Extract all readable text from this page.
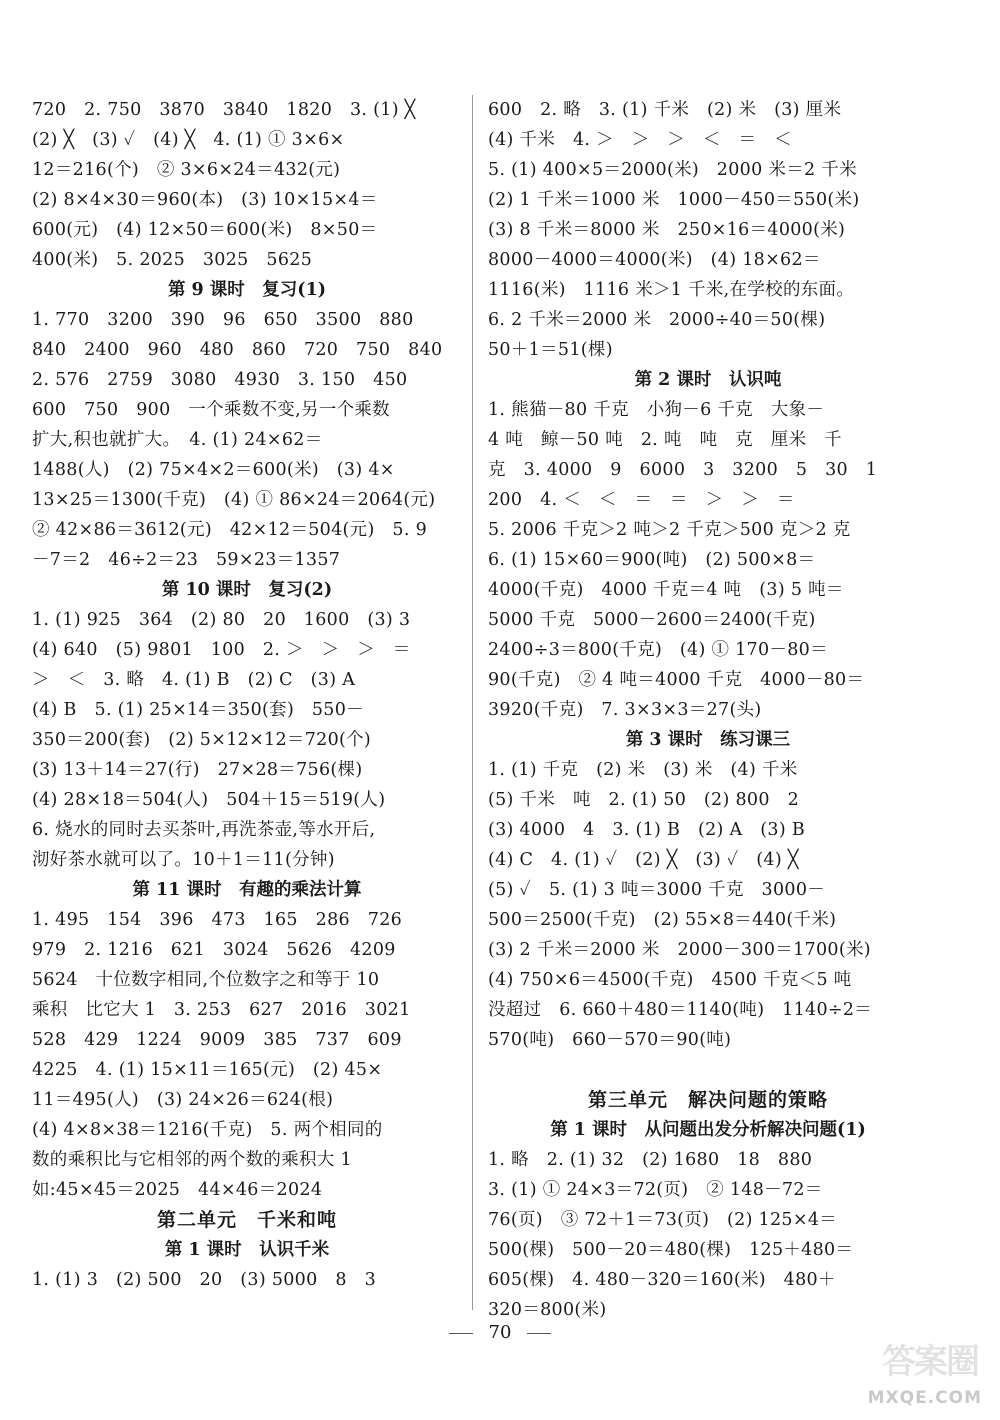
720　2. 750　3870　3840　1820　3. (1) ╳
(2) ╳　(3) ✓　(4) ╳　4. (1) ① 3×6×
12＝216(个)　② 3×6×24＝432(元)
(2) 8×4×30＝960(本)　(3) 10×15×4＝
600(元)　(4) 12×50＝600(米)　8×50＝
400(米)　5. 2025　3025　5625
第 9 课时　复习(1)
1. 770　3200　390　96　650　3500　880
840　2400　960　480　860　720　750　840
2. 576　2759　3080　4930　3. 150　450
600　750　900　一个乘数不变,另一个乘数
扩大,积也就扩大。　4. (1) 24×62＝
1488(人)　(2) 75×4×2＝600(米)　(3) 4×
13×25＝1300(千克)　(4) ① 86×24＝2064(元)
② 42×86＝3612(元)　42×12＝504(元)　5. 9
－7＝2　46÷2＝23　59×23＝1357
第 10 课时　复习(2)
1. (1) 925　364　(2) 80　20　1600　(3) 3
(4) 640　(5) 9801　100　2. ＞　＞　＞　＝
＞　＜　3. 略　4. (1) B　(2) C　(3) A
(4) B　5. (1) 25×14＝350(套)　550－
350＝200(套)　(2) 5×12×12＝720(个)
(3) 13＋14＝27(行)　27×28＝756(棵)
(4) 28×18＝504(人)　504＋15＝519(人)
6. 烧水的同时去买茶叶,再洗茶壶,等水开后,
沏好茶水就可以了。10＋1＝11(分钟)
第 11 课时　有趣的乘法计算
1. 495　154　396　473　165　286　726
979　2. 1216　621　3024　5626　4209
5624　十位数字相同,个位数字之和等于 10
乘积　比它大 1　3. 253　627　2016　3021
528　429　1224　9009　385　737　609
4225　4. (1) 15×11＝165(元)　(2) 45×
11＝495(人)　(3) 24×26＝624(根)
(4) 4×8×38＝1216(千克)　5. 两个相同的
数的乘积比与它相邻的两个数的乘积大 1
如:45×45＝2025　44×46＝2024
第二单元　千米和吨
第 1 课时　认识千米
1. (1) 3　(2) 500　20　(3) 5000　8　3
600　2. 略　3. (1) 千米　(2) 米　(3) 厘米
(4) 千米　4. ＞　＞　＞　＜　＝　＜
5. (1) 400×5＝2000(米)　2000 米＝2 千米
(2) 1 千米＝1000 米　1000－450＝550(米)
(3) 8 千米＝8000 米　250×16＝4000(米)
8000－4000＝4000(米)　(4) 18×62＝
1116(米)　1116 米＞1 千米,在学校的东面。
6. 2 千米＝2000 米　2000÷40＝50(棵)
50＋1＝51(棵)
第 2 课时　认识吨
1. 熊猫－80 千克　小狗－6 千克　大象－
4 吨　鲸－50 吨　2. 吨　吨　克　厘米　千
克　3. 4000　9　6000　3　3200　5　30　1
200　4. ＜　＜　＝　＝　＞　＞　＝
5. 2006 千克＞2 吨＞2 千克＞500 克＞2 克
6. (1) 15×60＝900(吨)　(2) 500×8＝
4000(千克)　4000 千克＝4 吨　(3) 5 吨＝
5000 千克　5000－2600＝2400(千克)
2400÷3＝800(千克)　(4) ① 170－80＝
90(千克)　② 4 吨＝4000 千克　4000－80＝
3920(千克)　7. 3×3×3＝27(头)
第 3 课时　练习课三
1. (1) 千克　(2) 米　(3) 米　(4) 千米
(5) 千米　吨　2. (1) 50　(2) 800　2
(3) 4000　4　3. (1) B　(2) A　(3) B
(4) C　4. (1) ✓　(2) ╳　(3) ✓　(4) ╳
(5) ✓　5. (1) 3 吨＝3000 千克　3000－
500＝2500(千克)　(2) 55×8＝440(千米)
(3) 2 千米＝2000 米　2000－300＝1700(米)
(4) 750×6＝4500(千克)　4500 千克＜5 吨
没超过　6. 660＋480＝1140(吨)　1140÷2＝
570(吨)　660－570＝90(吨)
第三单元　解决问题的策略
第 1 课时　从问题出发分析解决问题(1)
1. 略　2. (1) 32　(2) 1680　18　880
3. (1) ① 24×3＝72(页)　② 148－72＝
76(页)　③ 72＋1＝73(页)　(2) 125×4＝
500(棵)　500－20＝480(棵)　125＋480＝
605(棵)　4. 480－320＝160(米)　480＋
320＝800(米)
70
答案圈
MXQE.COM
